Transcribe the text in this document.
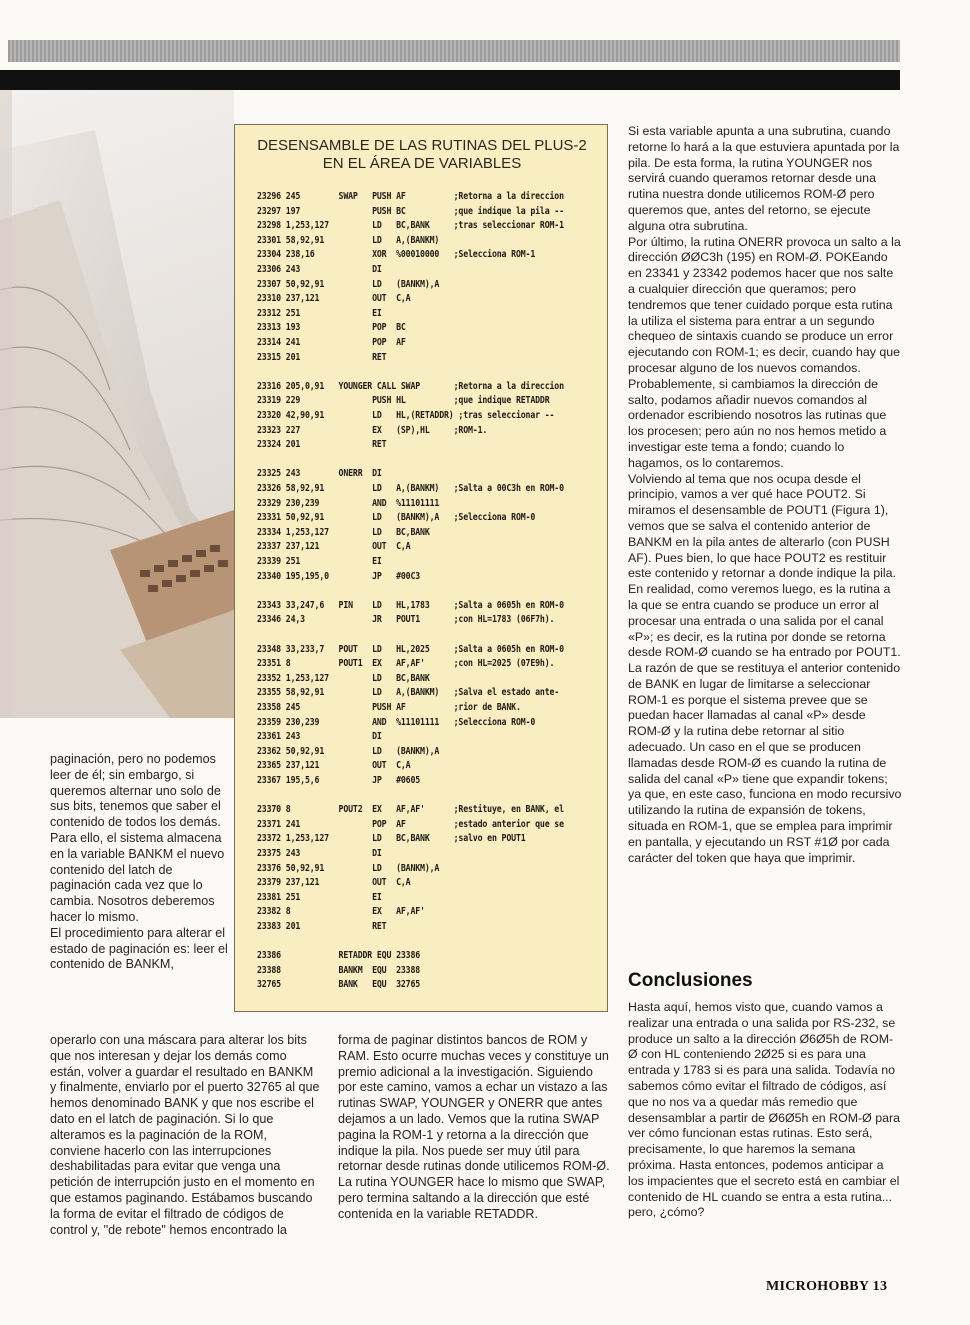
DESENSAMBLE DE LAS RUTINAS DEL PLUS-2
EN EL ÁREA DE VARIABLES
23296 245        SWAP   PUSH AF          ;Retorna a la direccion
23297 197               PUSH BC          ;que indique la pila --
23298 1,253,127         LD   BC,BANK     ;tras seleccionar ROM-1
23301 58,92,91          LD   A,(BANKM)
23304 238,16            XOR  %00010000   ;Selecciona ROM-1
23306 243               DI
23307 50,92,91          LD   (BANKM),A
23310 237,121           OUT  C,A
23312 251               EI
23313 193               POP  BC
23314 241               POP  AF
23315 201               RET
23316 205,0,91   YOUNGER CALL SWAP       ;Retorna a la direccion
23319 229               PUSH HL          ;que indique RETADDR
23320 42,90,91          LD   HL,(RETADDR) ;tras seleccionar --
23323 227               EX   (SP),HL     ;ROM-1.
23324 201               RET
23325 243        ONERR  DI
23326 58,92,91          LD   A,(BANKM)   ;Salta a 00C3h en ROM-0
23329 230,239           AND  %11101111
23331 50,92,91          LD   (BANKM),A   ;Selecciona ROM-0
23334 1,253,127         LD   BC,BANK
23337 237,121           OUT  C,A
23339 251               EI
23340 195,195,0         JP   #00C3
23343 33,247,6   PIN    LD   HL,1783     ;Salta a 0605h en ROM-0
23346 24,3              JR   POUT1       ;con HL=1783 (06F7h).
23348 33,233,7   POUT   LD   HL,2025     ;Salta a 0605h en ROM-0
23351 8          POUT1  EX   AF,AF'      ;con HL=2025 (07E9h).
23352 1,253,127         LD   BC,BANK
23355 58,92,91          LD   A,(BANKM)   ;Salva el estado ante-
23358 245               PUSH AF          ;rior de BANK.
23359 230,239           AND  %11101111   ;Selecciona ROM-0
23361 243               DI
23362 50,92,91          LD   (BANKM),A
23365 237,121           OUT  C,A
23367 195,5,6           JP   #0605
23370 8          POUT2  EX   AF,AF'      ;Restituye, en BANK, el
23371 241               POP  AF          ;estado anterior que se
23372 1,253,127         LD   BC,BANK     ;salvo en POUT1
23375 243               DI
23376 50,92,91          LD   (BANKM),A
23379 237,121           OUT  C,A
23381 251               EI
23382 8                 EX   AF,AF'
23383 201               RET
23386            RETADDR EQU 23386
23388            BANKM  EQU  23388
32765            BANK   EQU  32765

paginación, pero no podemos leer de él; sin embargo, si queremos alternar uno solo de sus bits, tenemos que saber el contenido de todos los demás. Para ello, el sistema almacena en la variable BANKM el nuevo contenido del latch de paginación cada vez que lo cambia. Nosotros deberemos hacer lo mismo.

El procedimiento para alterar el estado de paginación es: leer el contenido de BANKM,

operarlo con una máscara para alterar los bits que nos interesan y dejar los demás como están, volver a guardar el resultado en BANKM y finalmente, enviarlo por el puerto 32765 al que hemos denominado BANK y que nos escribe el dato en el latch de paginación. Si lo que alteramos es la paginación de la ROM, conviene hacerlo con las interrupciones deshabilitadas para evitar que venga una petición de interrupción justo en el momento en que estamos paginando. Estábamos buscando la forma de evitar el filtrado de códigos de control y, "de rebote" hemos encontrado la

forma de paginar distintos bancos de ROM y RAM. Esto ocurre muchas veces y constituye un premio adicional a la investigación. Siguiendo por este camino, vamos a echar un vistazo a las rutinas SWAP, YOUNGER y ONERR que antes dejamos a un lado. Vemos que la rutina SWAP pagina la ROM-1 y retorna a la dirección que indique la pila. Nos puede ser muy útil para retornar desde rutinas donde utilicemos ROM-Ø.

La rutina YOUNGER hace lo mismo que SWAP, pero termina saltando a la dirección que esté contenida en la variable RETADDR.

Si esta variable apunta a una subrutina, cuando retorne lo hará a la que estuviera apuntada por la pila. De esta forma, la rutina YOUNGER nos servirá cuando queramos retornar desde una rutina nuestra donde utilicemos ROM-Ø pero queremos que, antes del retorno, se ejecute alguna otra subrutina.

Por último, la rutina ONERR provoca un salto a la dirección ØØC3h (195) en ROM-Ø. POKEando en 23341 y 23342 podemos hacer que nos salte a cualquier dirección que queramos; pero tendremos que tener cuidado porque esta rutina la utiliza el sistema para entrar a un segundo chequeo de sintaxis cuando se produce un error ejecutando con ROM-1; es decir, cuando hay que procesar alguno de los nuevos comandos. Probablemente, si cambiamos la dirección de salto, podamos añadir nuevos comandos al ordenador escribiendo nosotros las rutinas que los procesen; pero aún no nos hemos metido a investigar este tema a fondo; cuando lo hagamos, os lo contaremos.

Volviendo al tema que nos ocupa desde el principio, vamos a ver qué hace POUT2. Si miramos el desensamble de POUT1 (Figura 1), vemos que se salva el contenido anterior de BANKM en la pila antes de alterarlo (con PUSH AF). Pues bien, lo que hace POUT2 es restituir este contenido y retornar a donde indique la pila. En realidad, como veremos luego, es la rutina a la que se entra cuando se produce un error al procesar una entrada o una salida por el canal «P»; es decir, es la rutina por donde se retorna desde ROM-Ø cuando se ha entrado por POUT1. La razón de que se restituya el anterior contenido de BANK en lugar de limitarse a seleccionar ROM-1 es porque el sistema prevee que se puedan hacer llamadas al canal «P» desde ROM-Ø y la rutina debe retornar al sitio adecuado. Un caso en el que se producen llamadas desde ROM-Ø es cuando la rutina de salida del canal «P» tiene que expandir tokens; ya que, en este caso, funciona en modo recursivo utilizando la rutina de expansión de tokens, situada en ROM-1, que se emplea para imprimir en pantalla, y ejecutando un RST #1Ø por cada carácter del token que haya que imprimir.

Conclusiones

Hasta aquí, hemos visto que, cuando vamos a realizar una entrada o una salida por RS-232, se produce un salto a la dirección Ø6Ø5h de ROM-Ø con HL conteniendo 2Ø25 si es para una entrada y 1783 si es para una salida. Todavía no sabemos cómo evitar el filtrado de códigos, así que no nos va a quedar más remedio que desensamblar a partir de Ø6Ø5h en ROM-Ø para ver cómo funcionan estas rutinas. Esto será, precisamente, lo que haremos la semana próxima. Hasta entonces, podemos anticipar a los impacientes que el secreto está en cambiar el contenido de HL cuando se entra a esta rutina... pero, ¿cómo?

MICROHOBBY 13
